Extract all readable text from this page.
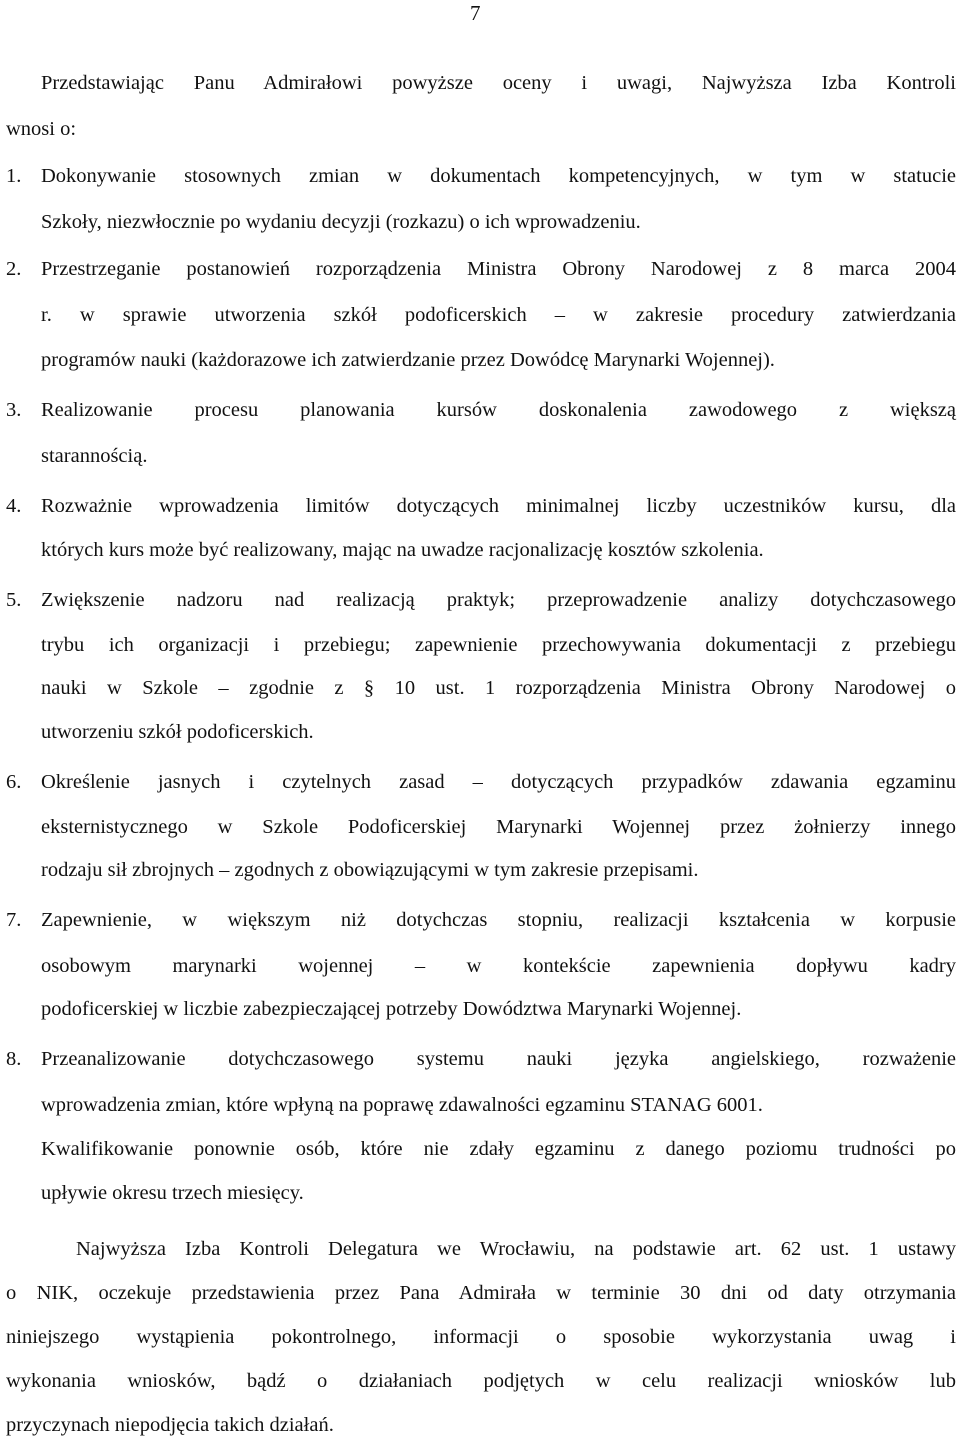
7
Przedstawiając Panu Admirałowi powyższe oceny i uwagi, Najwyższa Izba Kontroli
wnosi o:
1. Dokonywanie stosownych zmian w dokumentach kompetencyjnych, w tym w statucie
Szkoły, niezwłocznie po wydaniu decyzji (rozkazu) o ich wprowadzeniu.
2. Przestrzeganie postanowień rozporządzenia Ministra Obrony Narodowej z 8 marca 2004
r. w sprawie utworzenia szkół podoficerskich – w zakresie procedury zatwierdzania
programów nauki (każdorazowe ich zatwierdzanie przez Dowódcę Marynarki Wojennej).
3. Realizowanie procesu planowania kursów doskonalenia zawodowego z większą
starannością.
4. Rozważnie wprowadzenia limitów dotyczących minimalnej liczby uczestników kursu, dla
których kurs może być realizowany, mając na uwadze racjonalizację kosztów szkolenia.
5. Zwiększenie nadzoru nad realizacją praktyk; przeprowadzenie analizy dotychczasowego
trybu ich organizacji i przebiegu; zapewnienie przechowywania dokumentacji z przebiegu
nauki w Szkole – zgodnie z § 10 ust. 1 rozporządzenia Ministra Obrony Narodowej o
utworzeniu szkół podoficerskich.
6. Określenie jasnych i czytelnych zasad – dotyczących przypadków zdawania egzaminu
eksternistycznego w Szkole Podoficerskiej Marynarki Wojennej przez żołnierzy innego
rodzaju sił zbrojnych – zgodnych z obowiązującymi w tym zakresie przepisami.
7. Zapewnienie, w większym niż dotychczas stopniu, realizacji kształcenia w korpusie
osobowym marynarki wojennej – w kontekście zapewnienia dopływu kadry
podoficerskiej w liczbie zabezpieczającej potrzeby Dowództwa Marynarki Wojennej.
8. Przeanalizowanie dotychczasowego systemu nauki języka angielskiego, rozważenie
wprowadzenia zmian, które wpłyną na poprawę zdawalności egzaminu STANAG 6001.
Kwalifikowanie ponownie osób, które nie zdały egzaminu z danego poziomu trudności po
upływie okresu trzech miesięcy.
Najwyższa Izba Kontroli Delegatura we Wrocławiu, na podstawie art. 62 ust. 1 ustawy
o NIK, oczekuje przedstawienia przez Pana Admirała w terminie 30 dni od daty otrzymania
niniejszego wystąpienia pokontrolnego, informacji o sposobie wykorzystania uwag i
wykonania wniosków, bądź o działaniach podjętych w celu realizacji wniosków lub
przyczynach niepodjęcia takich działań.
